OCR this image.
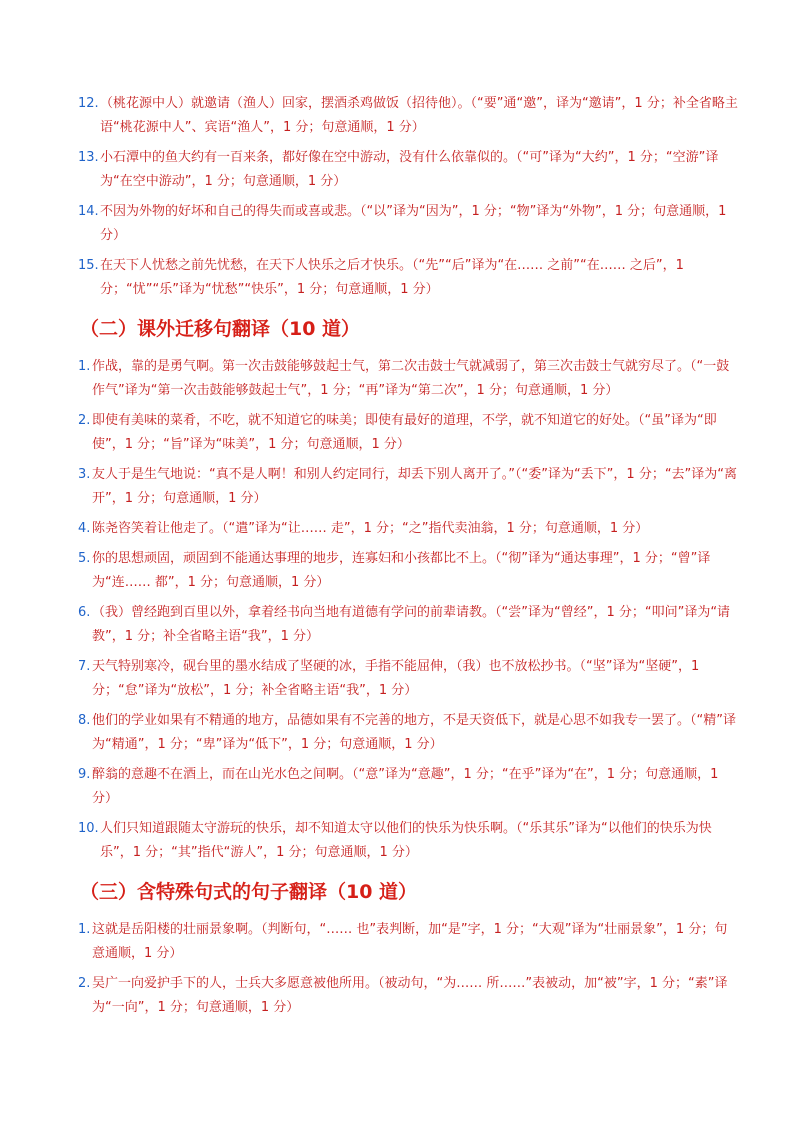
12. （桃花源中人）就邀请（渔人）回家，摆酒杀鸡做饭（招待他）。（“要”通“邀”，译为“邀请”，1 分；补全省略主语“桃花源中人”、宾语“渔人”，1 分；句意通顺，1 分）
13. 小石潭中的鱼大约有一百来条，都好像在空中游动，没有什么依靠似的。（“可”译为“大约”，1 分；“空游”译为“在空中游动”，1 分；句意通顺，1 分）
14. 不因为外物的好坏和自己的得失而或喜或悲。（“以”译为“因为”，1 分；“物”译为“外物”，1 分；句意通顺，1 分）
15. 在天下人忧愁之前先忧愁，在天下人快乐之后才快乐。（“先”“后”译为“在…… 之前”“在…… 之后”，1 分；“忧”“乐”译为“忧愁”“快乐”，1 分；句意通顺，1 分）
（二）课外迁移句翻译（10 道）
1. 作战，靠的是勇气啊。第一次击鼓能够鼓起士气，第二次击鼓士气就减弱了，第三次击鼓士气就穷尽了。（“一鼓作气”译为“第一次击鼓能够鼓起士气”，1 分；“再”译为“第二次”，1 分；句意通顺，1 分）
2. 即使有美味的菜肴，不吃，就不知道它的味美；即使有最好的道理，不学，就不知道它的好处。（“虽”译为“即使”，1 分；“旨”译为“味美”，1 分；句意通顺，1 分）
3. 友人于是生气地说：“真不是人啊！和别人约定同行，却丢下别人离开了。”（“委”译为“丢下”，1 分；“去”译为“离开”，1 分；句意通顺，1 分）
4. 陈尧咨笑着让他走了。（“遣”译为“让…… 走”，1 分；“之”指代卖油翁，1 分；句意通顺，1 分）
5. 你的思想顽固，顽固到不能通达事理的地步，连寡妇和小孩都比不上。（“彻”译为“通达事理”，1 分；“曾”译为“连…… 都”，1 分；句意通顺，1 分）
6. （我）曾经跑到百里以外，拿着经书向当地有道德有学问的前辈请教。（“尝”译为“曾经”，1 分；“叩问”译为“请教”，1 分；补全省略主语“我”，1 分）
7. 天气特别寒冷，砚台里的墨水结成了坚硬的冰，手指不能屈伸，（我）也不放松抄书。（“坚”译为“坚硬”，1 分；“怠”译为“放松”，1 分；补全省略主语“我”，1 分）
8. 他们的学业如果有不精通的地方，品德如果有不完善的地方，不是天资低下，就是心思不如我专一罢了。（“精”译为“精通”，1 分；“卑”译为“低下”，1 分；句意通顺，1 分）
9. 醉翁的意趣不在酒上，而在山光水色之间啊。（“意”译为“意趣”，1 分；“在乎”译为“在”，1 分；句意通顺，1 分）
10. 人们只知道跟随太守游玩的快乐，却不知道太守以他们的快乐为快乐啊。（“乐其乐”译为“以他们的快乐为快乐”，1 分；“其”指代“游人”，1 分；句意通顺，1 分）
（三）含特殊句式的句子翻译（10 道）
1. 这就是岳阳楼的壮丽景象啊。（判断句，“…… 也”表判断，加“是”字，1 分；“大观”译为“壮丽景象”，1 分；句意通顺，1 分）
2. 吴广一向爱护手下的人，士兵大多愿意被他所用。（被动句，“为…… 所……”表被动，加“被”字，1 分；“素”译为“一向”，1 分；句意通顺，1 分）
